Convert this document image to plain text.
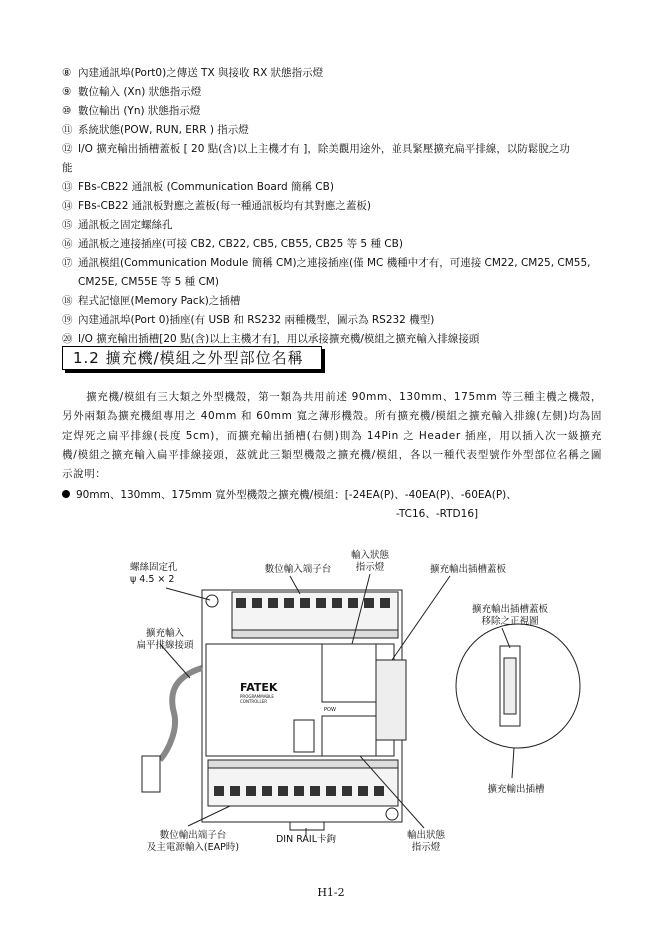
⑧ 內建通訊埠(Port0)之傳送 TX 與接收 RX 狀態指示燈
⑨ 數位輸入 (Xn) 狀態指示燈
⑩ 數位輸出 (Yn) 狀態指示燈
⑪ 系統狀態(POW, RUN, ERR ) 指示燈
⑫ I/O 擴充輸出插槽蓋板 [ 20 點(含)以上主機才有 ]，除美觀用途外，並具緊壓擴充扁平排線，以防鬆脫之功
能
⑬ FBs-CB22 通訊板 (Communication Board 簡稱 CB)
⑭ FBs-CB22 通訊板對應之蓋板(每一種通訊板均有其對應之蓋板)
⑮ 通訊板之固定螺絲孔
⑯ 通訊板之連接插座(可接 CB2, CB22, CB5, CB55, CB25 等 5 種 CB)
⑰ 通訊模組(Communication Module 簡稱 CM)之連接插座(僅 MC 機種中才有，可連接 CM22, CM25, CM55,
CM25E, CM55E 等 5 種 CM)
⑱ 程式記憶匣(Memory Pack)之插槽
⑲ 內建通訊埠(Port 0)插座(有 USB 和 RS232 兩種機型，圖示為 RS232 機型)
⑳ I/O 擴充輸出插槽[20 點(含)以上主機才有]，用以承接擴充機/模組之擴充輸入排線接頭
1.2 擴充機/模組之外型部位名稱
擴充機/模組有三大類之外型機殼，第一類為共用前述 90mm、130mm、175mm 等三種主機之機殼，另外兩類為擴充機組專用之 40mm 和 60mm 寬之薄形機殼。所有擴充機/模組之擴充輸入排線(左側)均為固定焊死之扁平排線(長度 5cm)，而擴充輸出插槽(右側)則為 14Pin 之 Header 插座，用以插入次一級擴充機/模組之擴充輸入扁平排線接頭，茲就此三類型機殼之擴充機/模組，各以一種代表型號作外型部位名稱之圖示說明：
90mm、130mm、175mm 寬外型機殼之擴充機/模組：[-24EA(P)、-40EA(P)、-60EA(P)、
-TC16、-RTD16]
螺絲固定孔
ψ 4.5 × 2
數位輸入端子台
輸入狀態
指示燈	擴充輸出插槽蓋板
擴充輸出插槽蓋板
移除之正視圖
擴充輸入
扁平排線接頭
FATEK
PROGRAMMABLE
CONTROLLER
POW
擴充輸出插槽
數位輸出端子台
及主電源輸入(EAP時)
DIN RAIL卡鉤	輸出狀態
指示燈
H1-2
